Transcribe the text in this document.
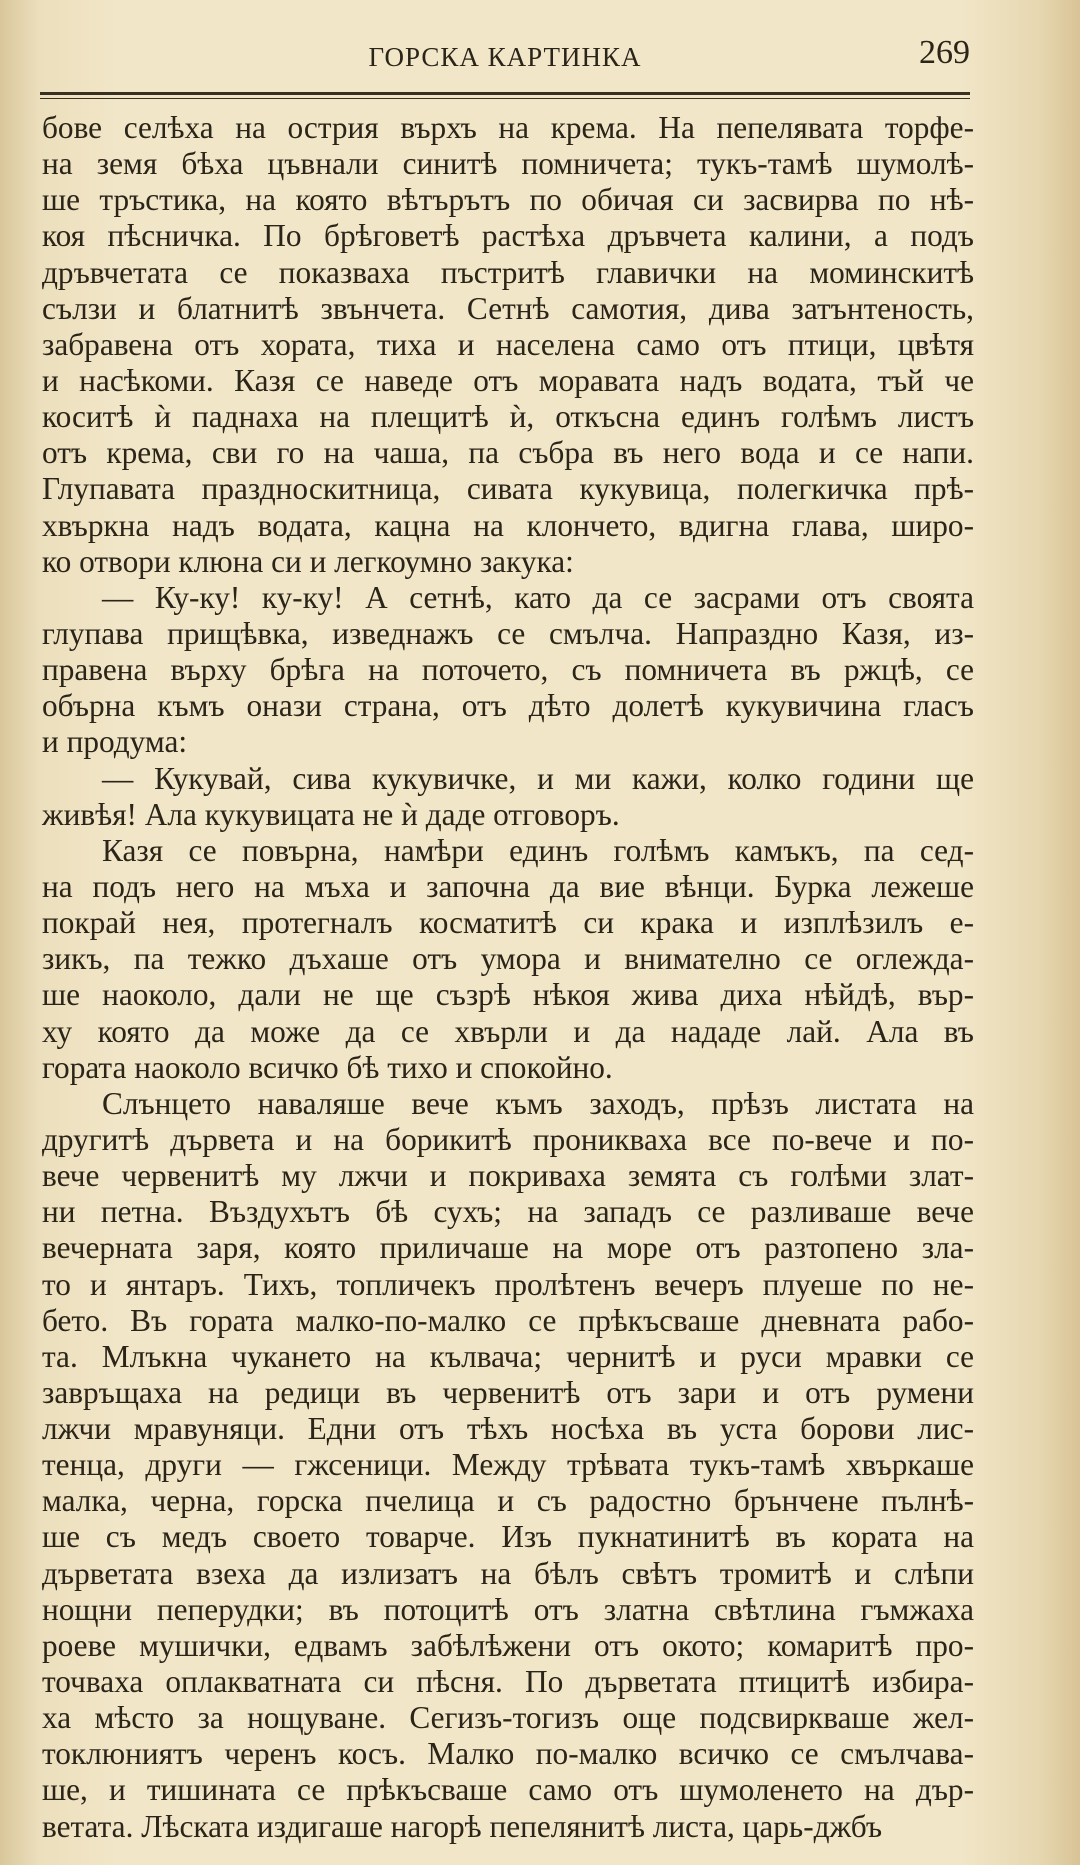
ГОРСКА КАРТИНКА	269
бове селѣха на острия върхъ на крема. На пепелявата торфе-
на земя бѣха цъвнали синитѣ помничета; тукъ-тамѣ шумолѣ-
ше тръстика, на която вѣтърътъ по обичая си засвирва по нѣ-
коя пѣсничка. По брѣговетѣ растѣха дръвчета калини, а подъ
дръвчетата се показваха пъстритѣ главички на моминскитѣ
сълзи и блатнитѣ звънчета. Сетнѣ самотия, дива затънтеность,
забравена отъ хората, тиха и населена само отъ птици, цвѣтя
и насѣкоми. Казя се наведе отъ моравата надъ водата, тъй че
коситѣ ѝ паднаха на плещитѣ ѝ, откъсна единъ голѣмъ листъ
отъ крема, сви го на чаша, па събра въ него вода и се напи.
Глупавата праздноскитница, сивата кукувица, полегкичка прѣ-
хвъркна надъ водата, кацна на клончето, вдигна глава, широ-
ко отвори клюна си и легкоумно закука:
— Ку-ку! ку-ку! А сетнѣ, като да се засрами отъ своята
глупава прищѣвка, изведнажъ се смълча. Напраздно Казя, из-
правена върху брѣга на поточето, съ помничета въ ржцѣ, се
обърна къмъ онази страна, отъ дѣто долетѣ кукувичина гласъ
и продума:
— Кукувай, сива кукувичке, и ми кажи, колко години ще
живѣя! Ала кукувицата не ѝ даде отговоръ.
Казя се повърна, намѣри единъ голѣмъ камъкъ, па сед-
на подъ него на мъха и започна да вие вѣнци. Бурка лежеше
покрай нея, протегналъ косматитѣ си крака и изплѣзилъ е-
зикъ, па тежко дъхаше отъ умора и внимателно се оглежда-
ше наоколо, дали не ще съзрѣ нѣкоя жива диха нѣйдѣ, вър-
ху която да може да се хвърли и да нададе лай. Ала въ
гората наоколо всичко бѣ тихо и спокойно.
Слънцето наваляше вече къмъ заходъ, прѣзъ листата на
другитѣ дървета и на борикитѣ проникваха все по-вече и по-
вече червенитѣ му лжчи и покриваха земята съ голѣми злат-
ни петна. Въздухътъ бѣ сухъ; на западъ се разливаше вече
вечерната заря, която приличаше на море отъ разтопено зла-
то и янтаръ. Тихъ, топличекъ пролѣтенъ вечеръ плуеше по не-
бето. Въ гората малко-по-малко се прѣкъсваше дневната рабо-
та. Млъкна чуканетo на кълвача; чернитѣ и руси мравки се
завръщаха на редици въ червенитѣ отъ зари и отъ румени
лжчи мравуняци. Едни отъ тѣхъ носѣха въ уста борови лис-
тенца, други — гжсеници. Между трѣвата тукъ-тамѣ хвъркаше
малка, черна, горска пчелица и съ радостно брънчене пълнѣ-
ше съ медъ своето товарче. Изъ пукнатинитѣ въ кората на
дърветата взеха да излизатъ на бѣлъ свѣтъ тромитѣ и слѣпи
нощни пеперудки; въ потоцитѣ отъ златна свѣтлина гъмжаха
роеве мушички, едвамъ забѣлѣжени отъ окото; комаритѣ про-
точваха оплакватната си пѣсня. По дърветата птицитѣ избира-
ха мѣсто за нощуване. Сегизъ-тогизъ още подсвиркваше жел-
токлюниятъ черенъ косъ. Малко по-малко всичко се смълчава-
ше, и тишината се прѣкъсваше само отъ шумоленето на дър-
ветата. Лѣската издигаше нагорѣ пепелянитѣ листа, царь-джбъ
